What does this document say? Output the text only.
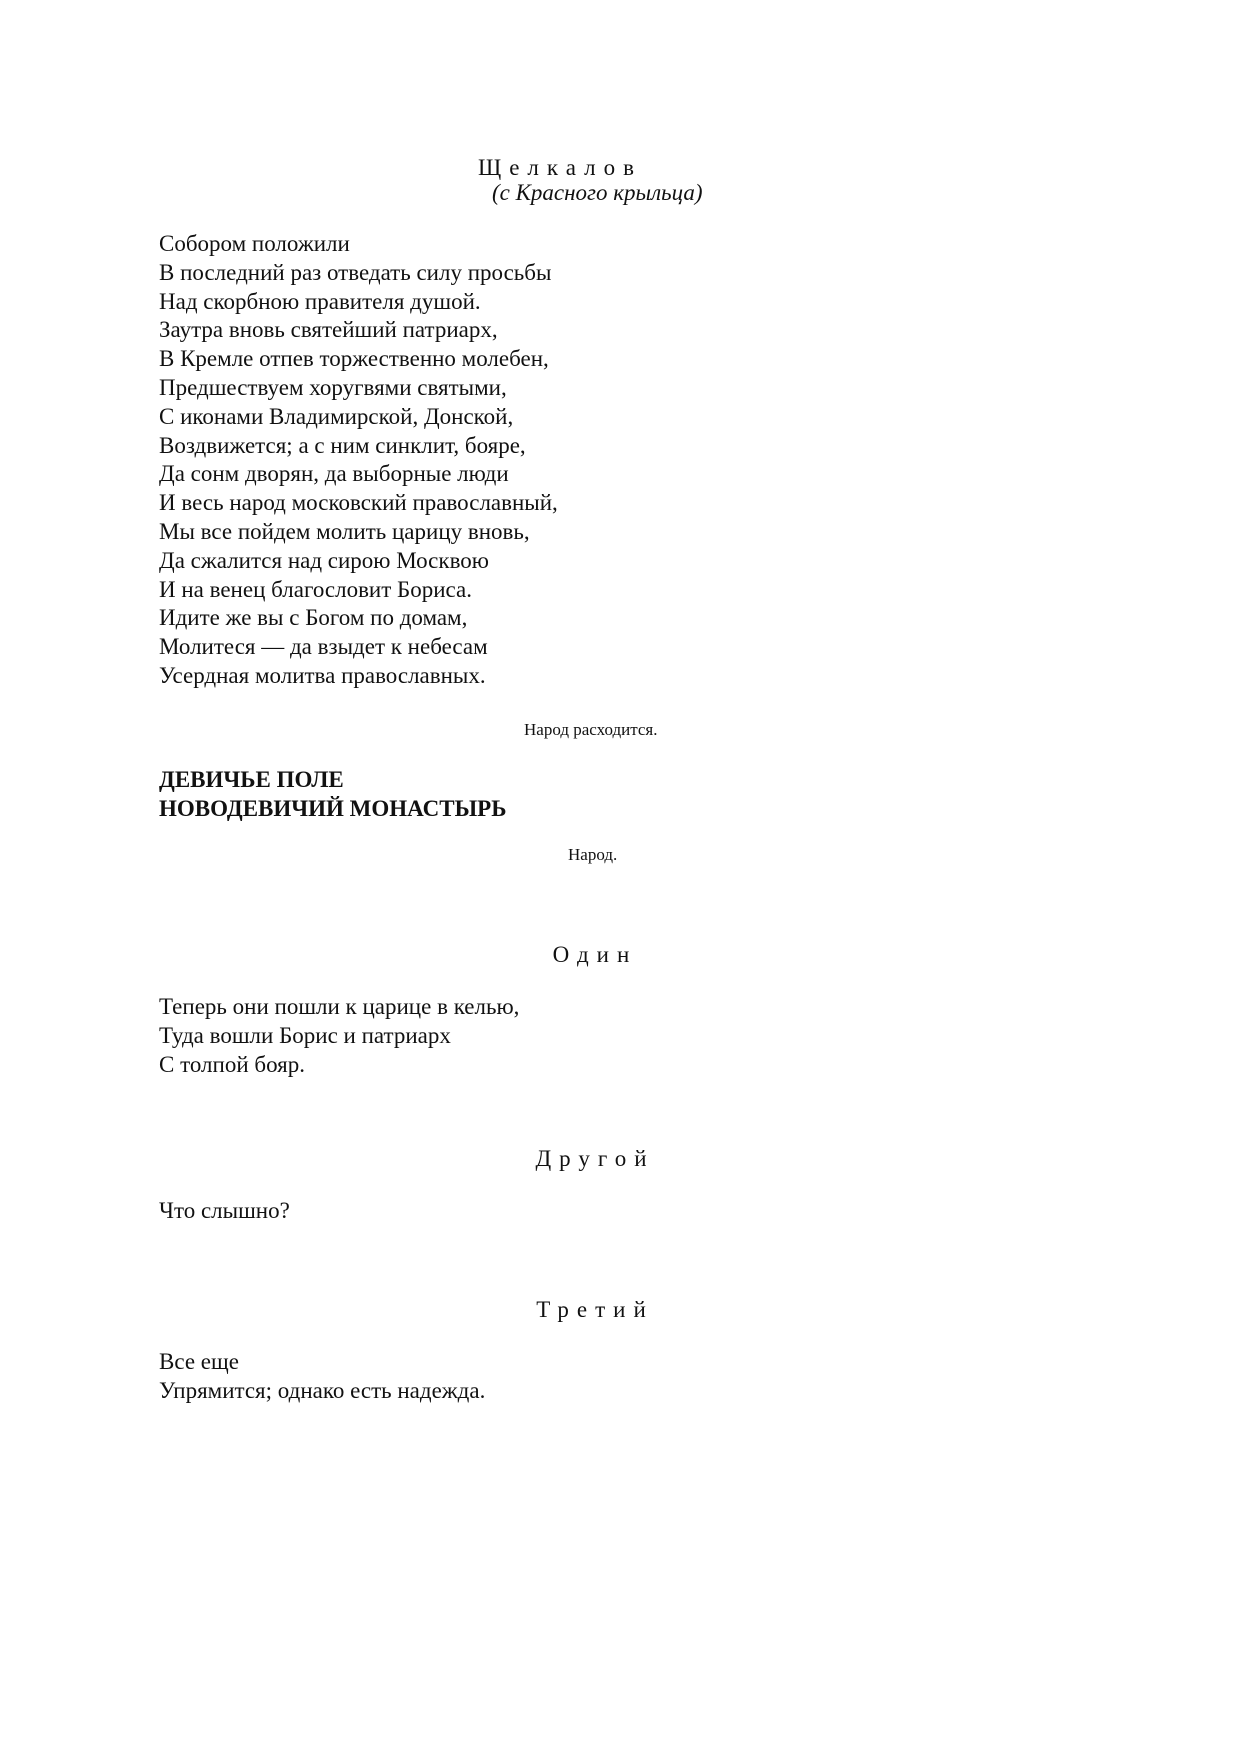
Щелкалов
(с Красного крыльца)
Собором положили
В последний раз отведать силу просьбы
Над скорбною правителя душой.
Заутра вновь святейший патриарх,
В Кремле отпев торжественно молебен,
Предшествуем хоругвями святыми,
С иконами Владимирской, Донской,
Воздвижется; а с ним синклит, бояре,
Да сонм дворян, да выборные люди
И весь народ московский православный,
Мы все пойдем молить царицу вновь,
Да сжалится над сирою Москвою
И на венец благословит Бориса.
Идите же вы с Богом по домам,
Молитеся — да взыдет к небесам
Усердная молитва православных.
Народ расходится.
ДЕВИЧЬЕ ПОЛЕ
НОВОДЕВИЧИЙ МОНАСТЫРЬ
Народ.
Один
Теперь они пошли к царице в келью,
Туда вошли Борис и патриарх
С толпой бояр.
Другой
Что слышно?
Третий
Все еще
Упрямится; однако есть надежда.
